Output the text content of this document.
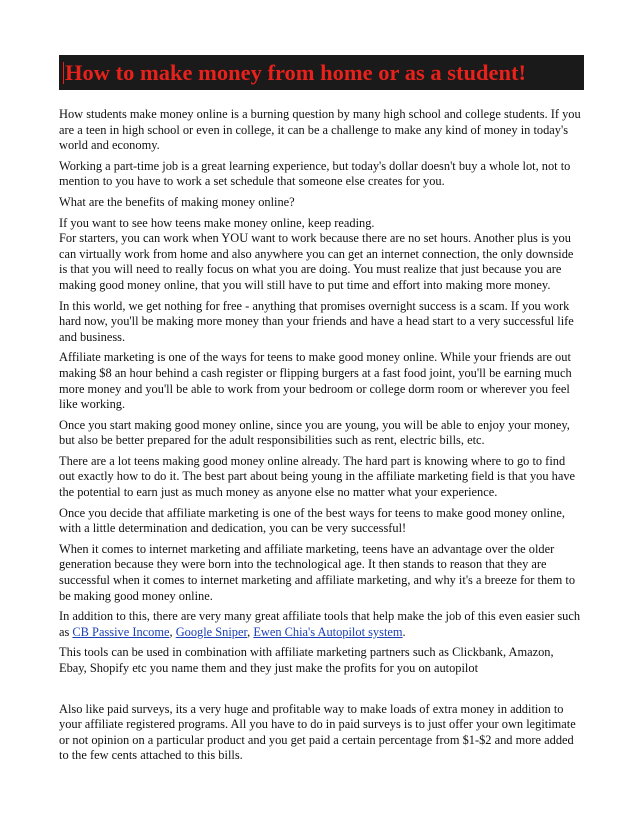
How to make money from home or as a student!

How students make money online is a burning question by many high school and college students. If you are a teen in high school or even in college, it can be a challenge to make any kind of money in today's world and economy.

Working a part-time job is a great learning experience, but today's dollar doesn't buy a whole lot, not to mention to you have to work a set schedule that someone else creates for you.

What are the benefits of making money online?

If you want to see how teens make money online, keep reading.

For starters, you can work when YOU want to work because there are no set hours. Another plus is you can virtually work from home and also anywhere you can get an internet connection, the only downside is that you will need to really focus on what you are doing. You must realize that just because you are making good money online, that you will still have to put time and effort into making more money.

In this world, we get nothing for free - anything that promises overnight success is a scam. If you work hard now, you'll be making more money than your friends and have a head start to a very successful life and business.

Affiliate marketing is one of the ways for teens to make good money online. While your friends are out making $8 an hour behind a cash register or flipping burgers at a fast food joint, you'll be earning much more money and you'll be able to work from your bedroom or college dorm room or wherever you feel like working.

Once you start making good money online, since you are young, you will be able to enjoy your money, but also be better prepared for the adult responsibilities such as rent, electric bills, etc.

There are a lot teens making good money online already. The hard part is knowing where to go to find out exactly how to do it. The best part about being young in the affiliate marketing field is that you have the potential to earn just as much money as anyone else no matter what your experience.

Once you decide that affiliate marketing is one of the best ways for teens to make good money online, with a little determination and dedication, you can be very successful!

When it comes to internet marketing and affiliate marketing, teens have an advantage over the older generation because they were born into the technological age. It then stands to reason that they are successful when it comes to internet marketing and affiliate marketing, and why it's a breeze for them to be making good money online.

In addition to this, there are very many great affiliate tools that help make the job of this even easier such as CB Passive Income, Google Sniper, Ewen Chia's Autopilot system.

This tools can be used in combination with affiliate marketing partners such as Clickbank, Amazon, Ebay, Shopify etc you name them and they just make the profits for you on autopilot

Also like paid surveys, its a very huge and profitable way to make loads of extra money in addition to your affiliate registered programs. All you have to do in paid surveys is to just offer your own legitimate or not opinion on a particular product and you get paid a certain percentage from $1-$2 and more added to the few cents attached to this bills.
